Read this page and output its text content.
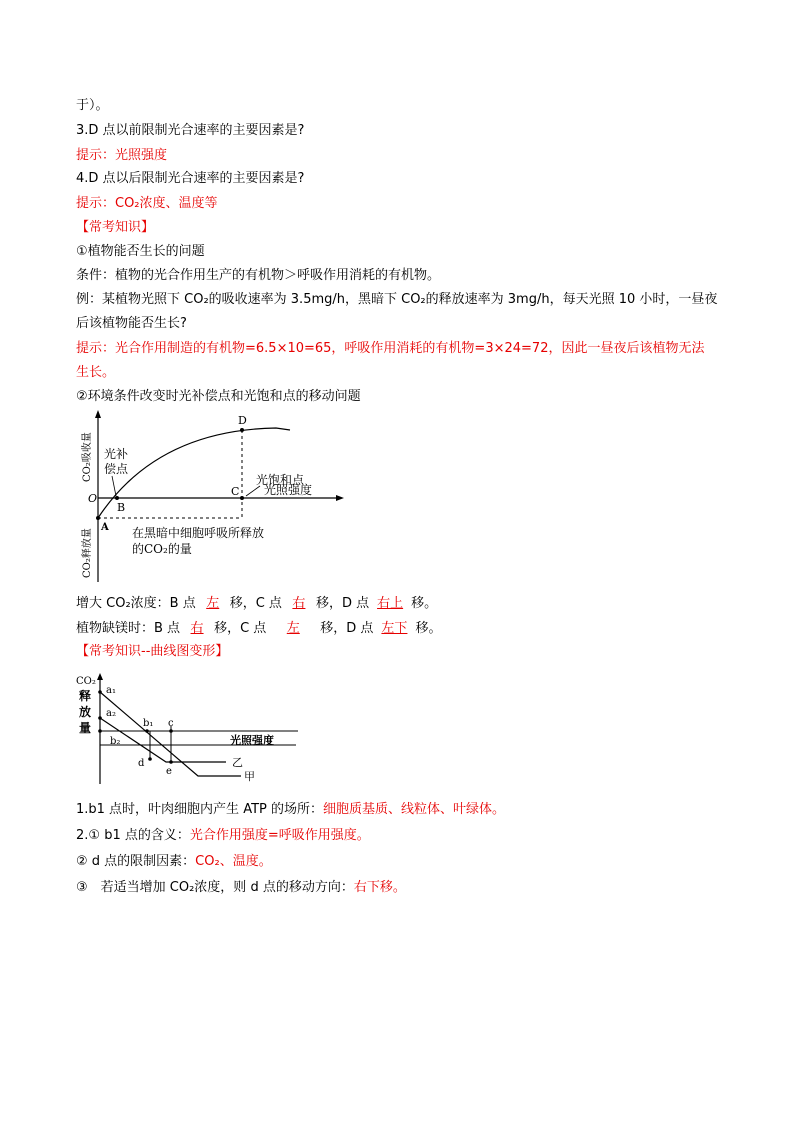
于）。
3.D 点以前限制光合速率的主要因素是?
提示：光照强度
4.D 点以后限制光合速率的主要因素是?
提示：CO₂浓度、温度等
【常考知识】
①植物能否生长的问题
条件：植物的光合作用生产的有机物＞呼吸作用消耗的有机物。
例：某植物光照下 CO₂的吸收速率为 3.5mg/h，黑暗下 CO₂的释放速率为 3mg/h，每天光照 10 小时，一昼夜
后该植物能否生长?
提示：光合作用制造的有机物=6.5×10=65，呼吸作用消耗的有机物=3×24=72，因此一昼夜后该植物无法
生长。
②环境条件改变时光补偿点和光饱和点的移动问题
CO₂吸收量
CO₂释放量
O
A
B
C
D
光补
偿点
光饱和点
光照强度
在黑暗中细胞呼吸所释放
的CO₂的量
增大 CO₂浓度：B 点 左 移，C 点 右 移，D 点 右上 移。
植物缺镁时：B 点 右 移，C 点 左 移，D 点 左下 移。
【常考知识--曲线图变形】
CO₂
释
放
量
a₁
a₂
b₂
b₁ c
d
e
光照强度
乙
甲
1.b1 点时，叶肉细胞内产生 ATP 的场所：细胞质基质、线粒体、叶绿体。
2.① b1 点的含义：光合作用强度=呼吸作用强度。
② d 点的限制因素：CO₂、温度。
③　若适当增加 CO₂浓度，则 d 点的移动方向：右下移。
